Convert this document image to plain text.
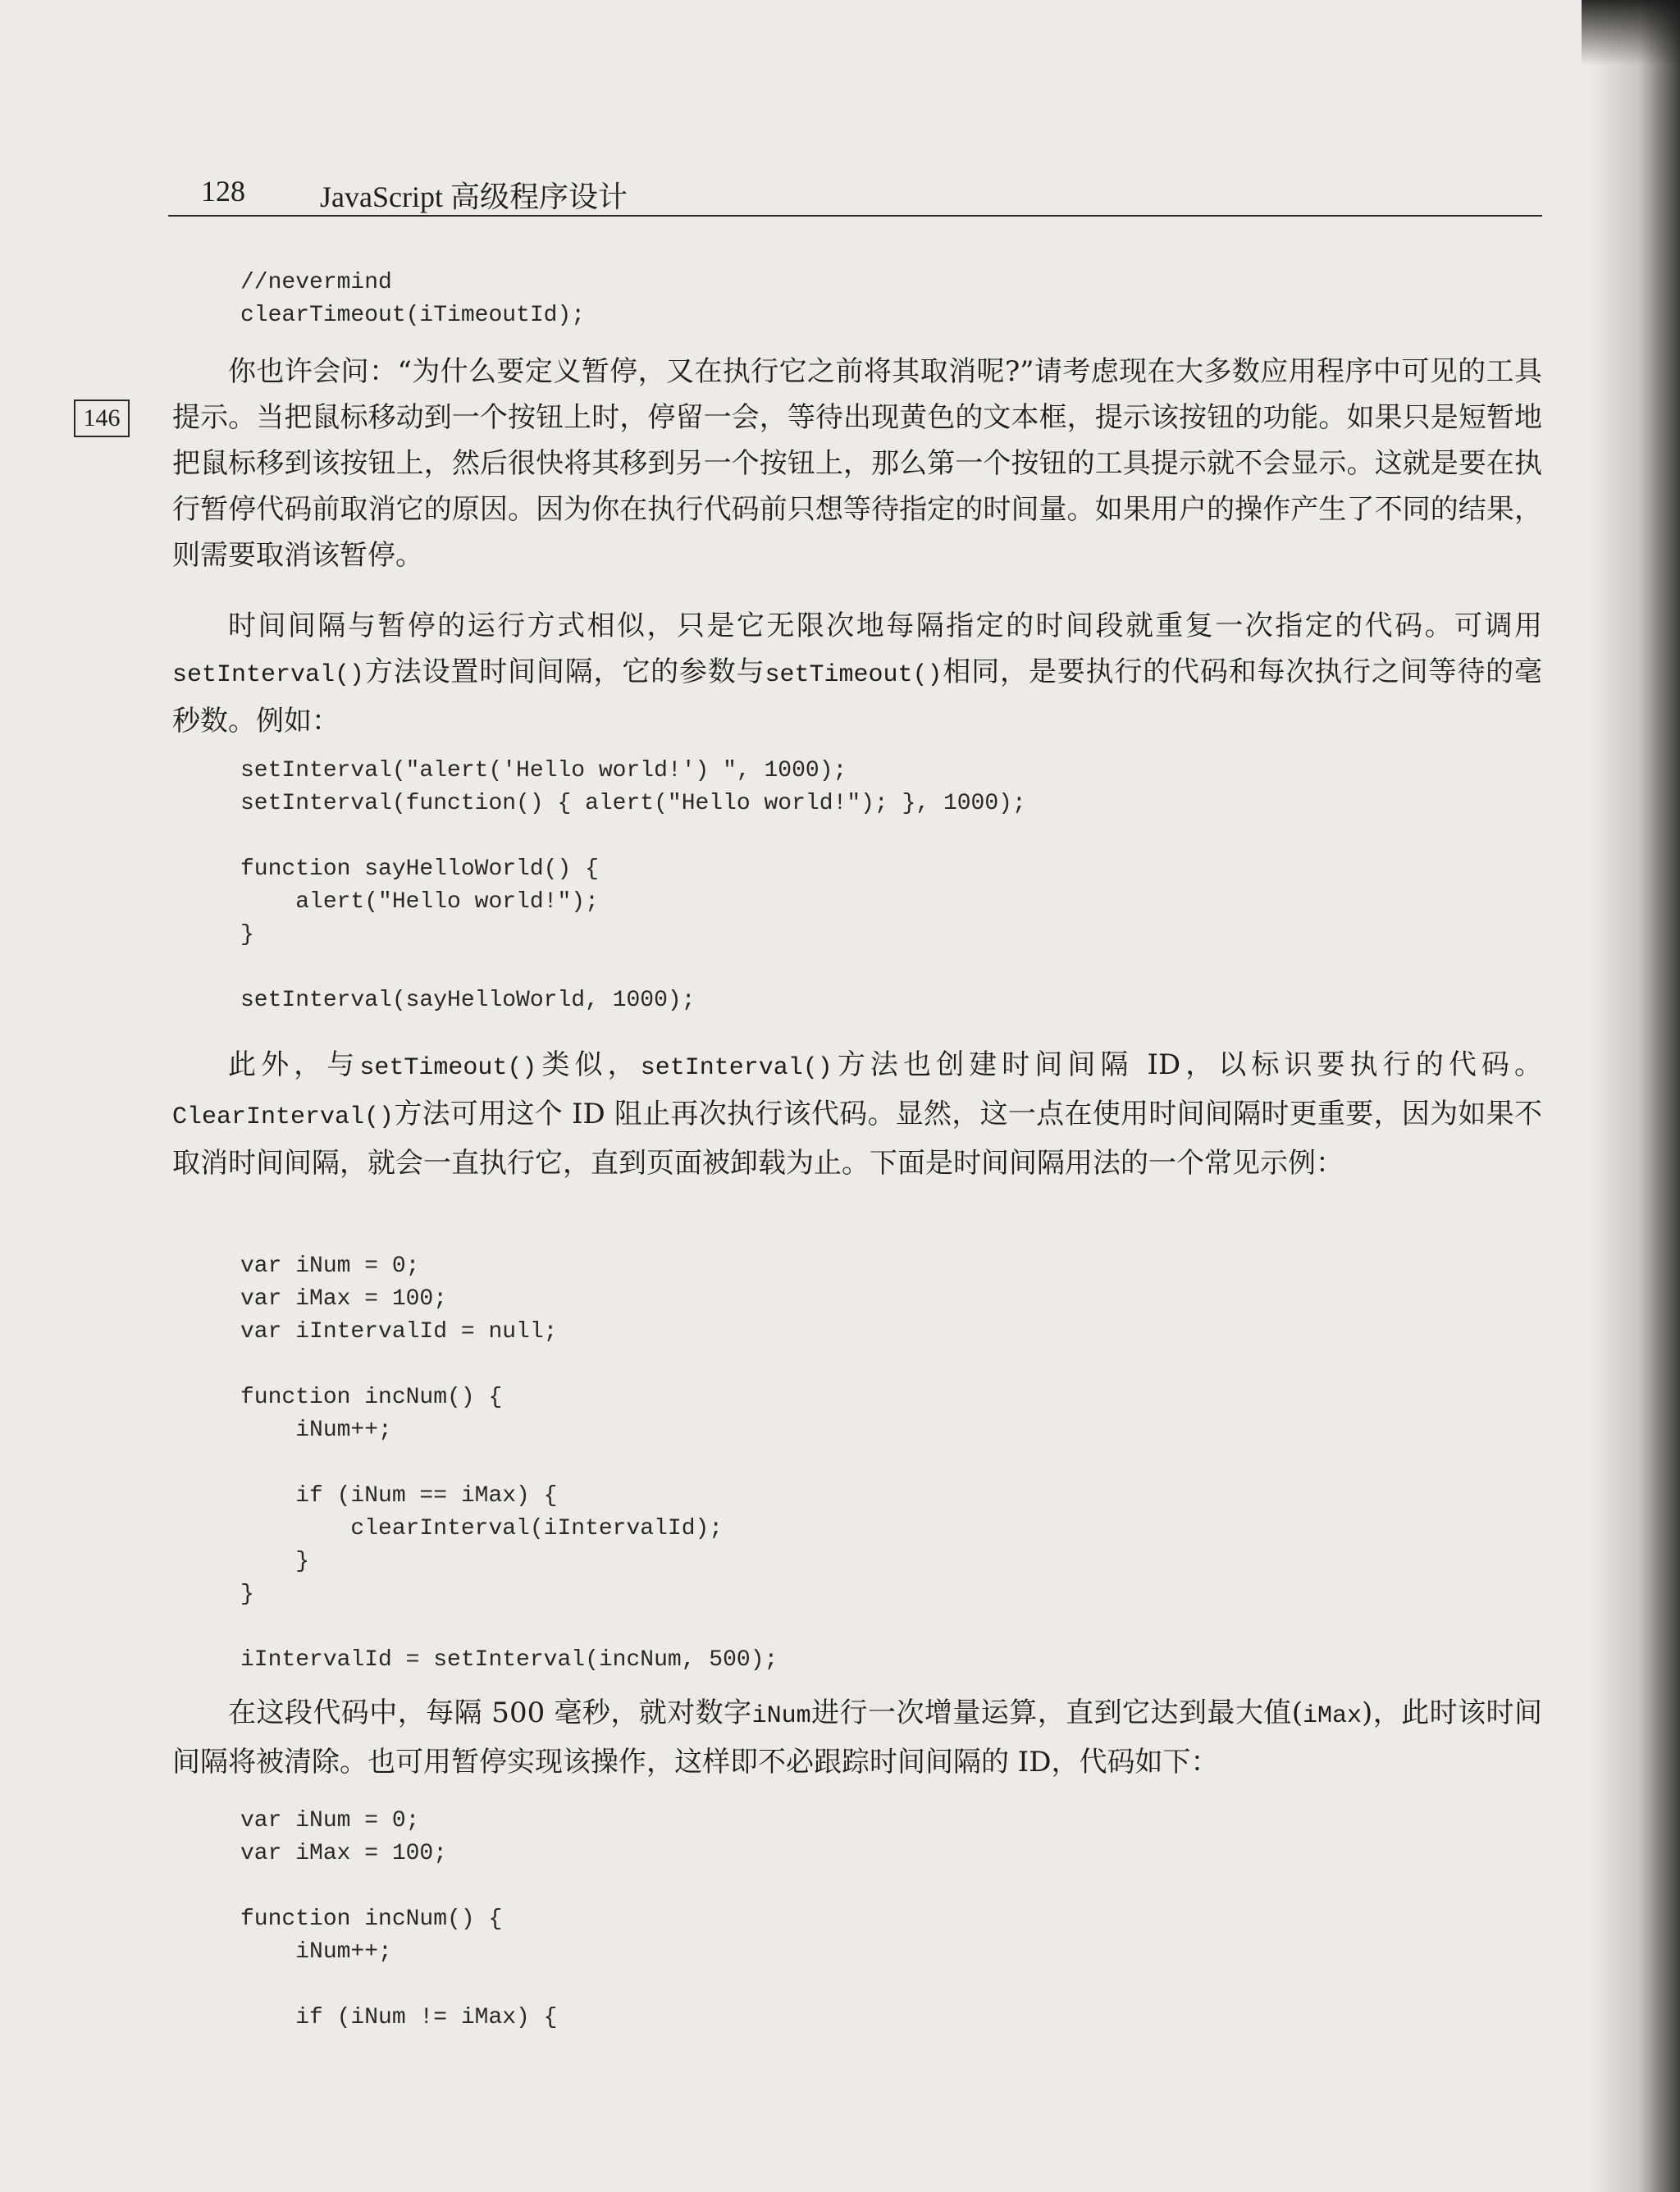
128	JavaScript 高级程序设计
146
//nevermind
clearTimeout(iTimeoutId);

你也许会问：“为什么要定义暂停，又在执行它之前将其取消呢?”请考虑现在大多数应用程序中可见的工具提示。当把鼠标移动到一个按钮上时，停留一会，等待出现黄色的文本框，提示该按钮的功能。如果只是短暂地把鼠标移到该按钮上，然后很快将其移到另一个按钮上，那么第一个按钮的工具提示就不会显示。这就是要在执行暂停代码前取消它的原因。因为你在执行代码前只想等待指定的时间量。如果用户的操作产生了不同的结果，则需要取消该暂停。

时间间隔与暂停的运行方式相似，只是它无限次地每隔指定的时间段就重复一次指定的代码。可调用setInterval()方法设置时间间隔，它的参数与setTimeout()相同，是要执行的代码和每次执行之间等待的毫秒数。例如：

setInterval("alert('Hello world!') ", 1000);
setInterval(function() { alert("Hello world!"); }, 1000);

function sayHelloWorld() {
alert("Hello world!");
}

setInterval(sayHelloWorld, 1000);

此外，与setTimeout()类似，setInterval()方法也创建时间间隔 ID，以标识要执行的代码。ClearInterval()方法可用这个 ID 阻止再次执行该代码。显然，这一点在使用时间间隔时更重要，因为如果不取消时间间隔，就会一直执行它，直到页面被卸载为止。下面是时间间隔用法的一个常见示例：

var iNum = 0;
var iMax = 100;
var iIntervalId = null;

function incNum() {
iNum++;

if (iNum == iMax) {
clearInterval(iIntervalId);
}
}

iIntervalId = setInterval(incNum, 500);

在这段代码中，每隔 500 毫秒，就对数字iNum进行一次增量运算，直到它达到最大值(iMax)，此时该时间间隔将被清除。也可用暂停实现该操作，这样即不必跟踪时间间隔的 ID，代码如下：

var iNum = 0;
var iMax = 100;

function incNum() {
iNum++;

if (iNum != iMax) {
